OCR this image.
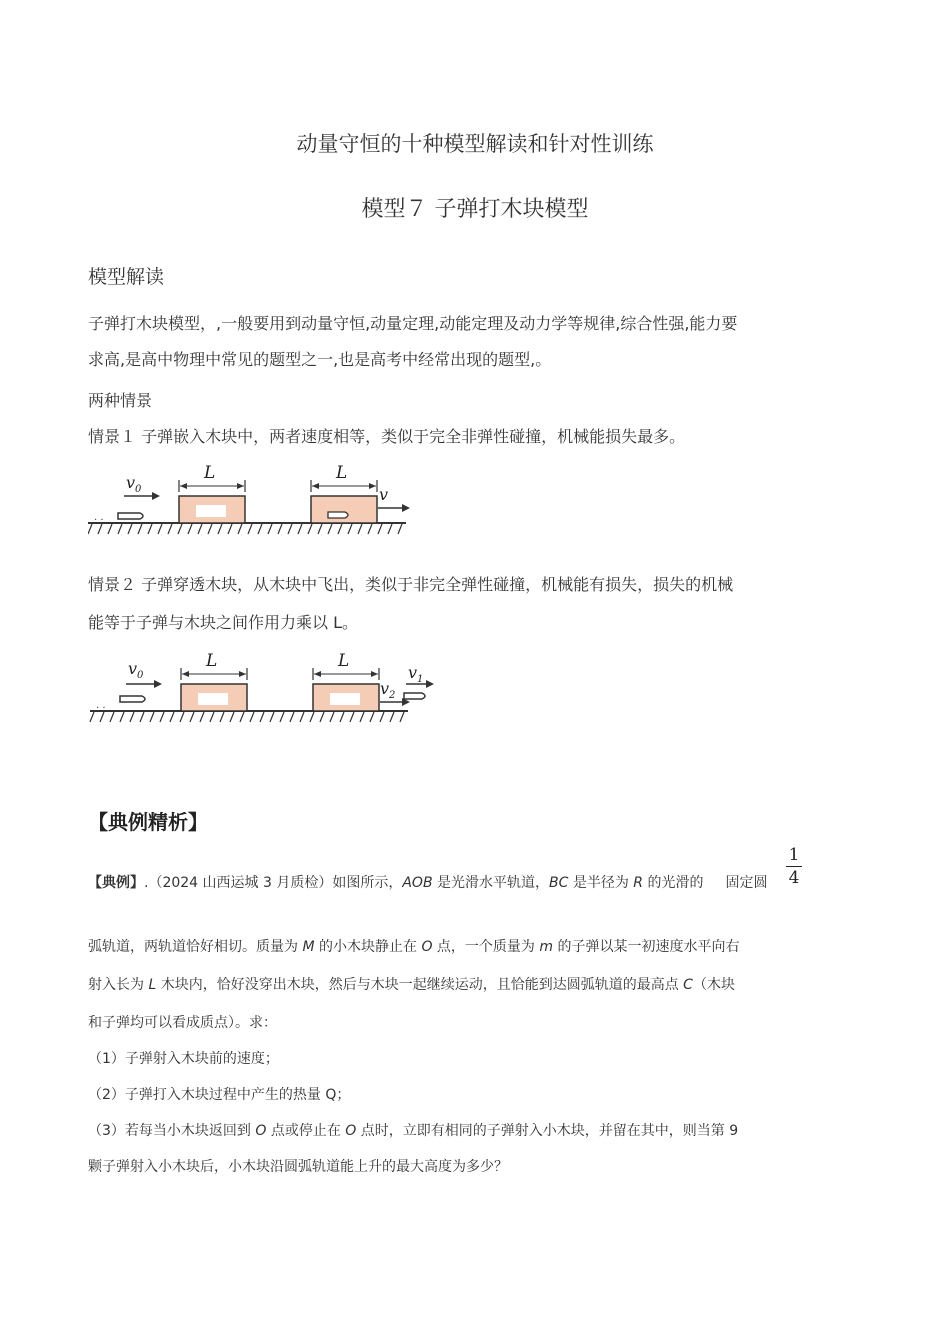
动量守恒的十种模型解读和针对性训练
模型７ 子弹打木块模型
模型解读
子弹打木块模型，,一般要用到动量守恒,动量定理,动能定理及动力学等规律,综合性强,能力要
求高,是高中物理中常见的题型之一,也是高考中经常出现的题型,。
两种情景
情景１ 子弹嵌入木块中，两者速度相等，类似于完全非弹性碰撞，机械能损失最多。
. .
$v_0$
L	L
v
情景２ 子弹穿透木块，从木块中飞出，类似于非完全弹性碰撞，机械能有损失，损失的机械
能等于子弹与木块之间作用力乘以 L。
. .
$v_0$
L	L
$v_2$
$v_1$
【典例精析】
1
4
【典例】.（2024 山西运城 3 月质检）如图所示，AOB 是光滑水平轨道，BC 是半径为 R 的光滑的 固定圆
弧轨道，两轨道恰好相切。质量为 M 的小木块静止在 O 点，一个质量为 m 的子弹以某一初速度水平向右
射入长为 L 木块内，恰好没穿出木块，然后与木块一起继续运动，且恰能到达圆弧轨道的最高点 C（木块
和子弹均可以看成质点）。求：
（1）子弹射入木块前的速度；
（2）子弹打入木块过程中产生的热量 Q；
（3）若每当小木块返回到 O 点或停止在 O 点时，立即有相同的子弹射入小木块，并留在其中，则当第 9
颗子弹射入小木块后，小木块沿圆弧轨道能上升的最大高度为多少？
